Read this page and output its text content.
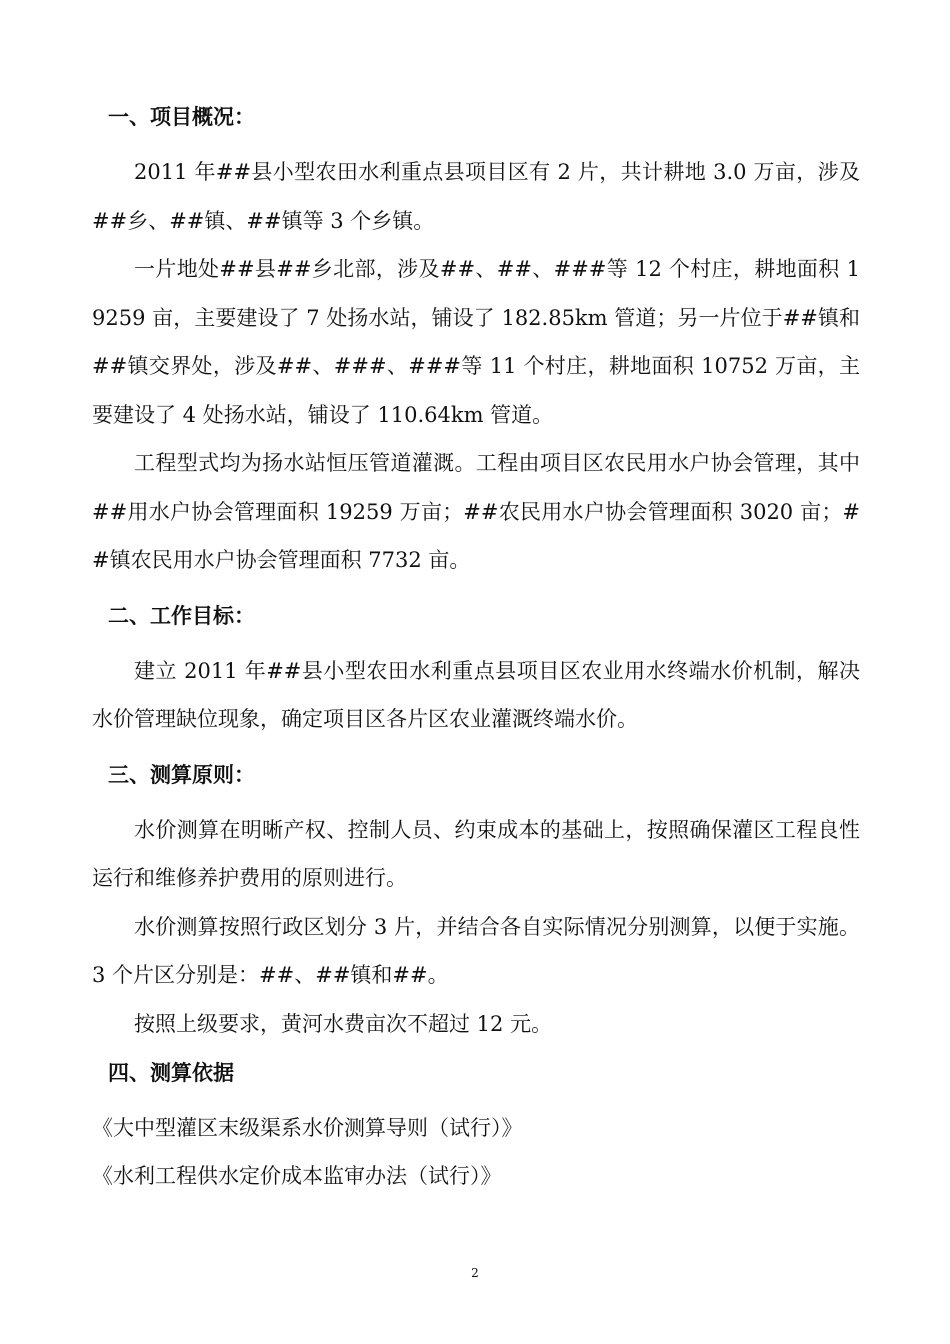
一、项目概况：

2011 年##县小型农田水利重点县项目区有 2 片，共计耕地 3.0 万亩，涉及##乡、##镇、##镇等 3 个乡镇。

一片地处##县##乡北部，涉及##、##、###等 12 个村庄，耕地面积 19259 亩，主要建设了 7 处扬水站，铺设了 182.85km 管道；另一片位于##镇和##镇交界处，涉及##、###、###等 11 个村庄，耕地面积 10752 万亩，主要建设了 4 处扬水站，铺设了 110.64km 管道。

工程型式均为扬水站恒压管道灌溉。工程由项目区农民用水户协会管理，其中##用水户协会管理面积 19259 万亩；##农民用水户协会管理面积 3020 亩；##镇农民用水户协会管理面积 7732 亩。

二、工作目标：

建立 2011 年##县小型农田水利重点县项目区农业用水终端水价机制，解决水价管理缺位现象，确定项目区各片区农业灌溉终端水价。

三、测算原则：

水价测算在明晰产权、控制人员、约束成本的基础上，按照确保灌区工程良性运行和维修养护费用的原则进行。

水价测算按照行政区划分 3 片，并结合各自实际情况分别测算，以便于实施。3 个片区分别是：##、##镇和##。

按照上级要求，黄河水费亩次不超过 12 元。

四、测算依据

《大中型灌区末级渠系水价测算导则（试行）》

《水利工程供水定价成本监审办法（试行）》

2
